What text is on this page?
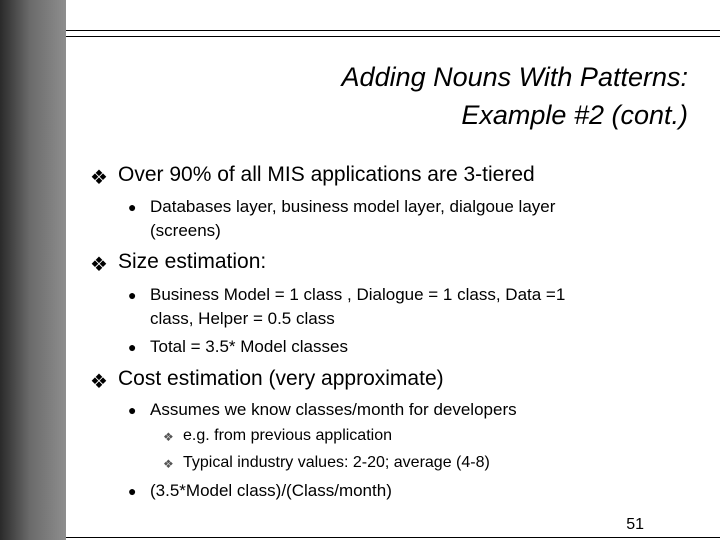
Adding Nouns With Patterns:
Example #2 (cont.)
❖ Over 90% of all MIS applications are 3-tiered
● Databases layer, business model layer, dialgoue layer
(screens)
❖ Size estimation:
● Business Model = 1 class , Dialogue = 1 class, Data =1
class, Helper = 0.5 class
● Total = 3.5* Model classes
❖ Cost estimation (very approximate)
● Assumes we know classes/month for developers
❖ e.g. from previous application
❖ Typical industry values: 2-20; average (4-8)
● (3.5*Model class)/(Class/month)
51
